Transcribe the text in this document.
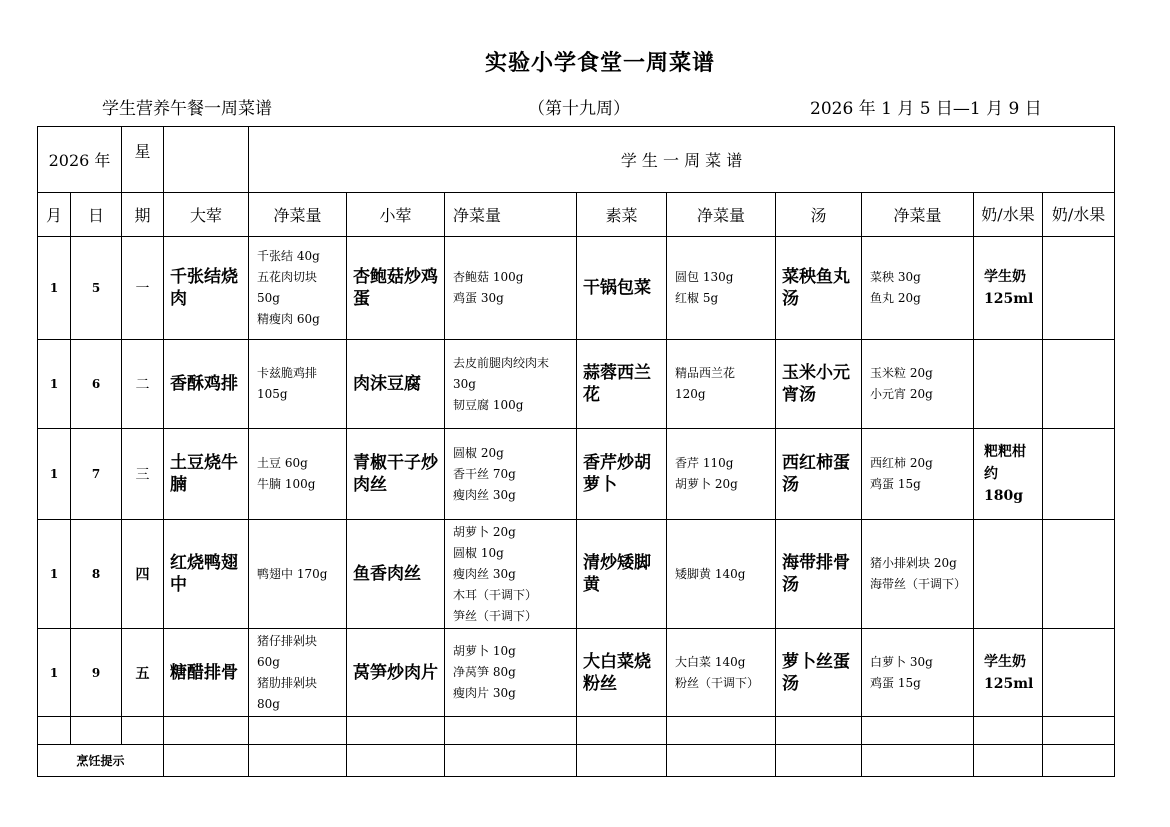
实验小学食堂一周菜谱
学生营养午餐一周菜谱	（第十九周）	2026 年 1 月 5 日—1 月 9 日
2026 年		星		学 生 一 周 菜 谱								
月	日	期	大荤	净菜量	小荤	净菜量	素菜	净菜量	汤	净菜量	奶/水果	奶/水果
1	5	一	千张结烧肉	千张结 40g
五花肉切块 50g
精瘦肉 60g	杏鲍菇炒鸡蛋	杏鲍菇 100g
鸡蛋 30g	干锅包菜	圆包 130g
红椒 5g	菜秧鱼丸汤	菜秧 30g
鱼丸 20g	学生奶 125ml	
1	6	二	香酥鸡排	卡兹脆鸡排
105g	肉沫豆腐	去皮前腿肉绞肉末
30g
韧豆腐 100g	蒜蓉西兰花	精品西兰花 120g	玉米小元宵汤	玉米粒 20g
小元宵 20g		

1	7	三	土豆烧牛腩	土豆 60g
牛腩 100g	青椒干子炒肉丝	圆椒 20g
香干丝 70g
瘦肉丝 30g	香芹炒胡萝卜	香芹 110g
胡萝卜 20g	西红柿蛋汤	西红柿 20g
鸡蛋 15g	粑粑柑约180g	
1	8	四	红烧鸭翅中	鸭翅中 170g	鱼香肉丝	胡萝卜 20g
圆椒 10g
瘦肉丝 30g
木耳（干调下）
笋丝（干调下）	清炒矮脚黄	矮脚黄 140g	海带排骨汤	猪小排剁块 20g
海带丝（干调下）		

1	9	五	糖醋排骨	猪仔排剁块 60g
猪肋排剁块 80g	莴笋炒肉片	胡萝卜 10g
净莴笋 80g
瘦肉片 30g	大白菜烧粉丝	大白菜 140g
粉丝（干调下）	萝卜丝蛋汤	白萝卜 30g
鸡蛋 15g	学生奶 125ml	

烹饪提示												
